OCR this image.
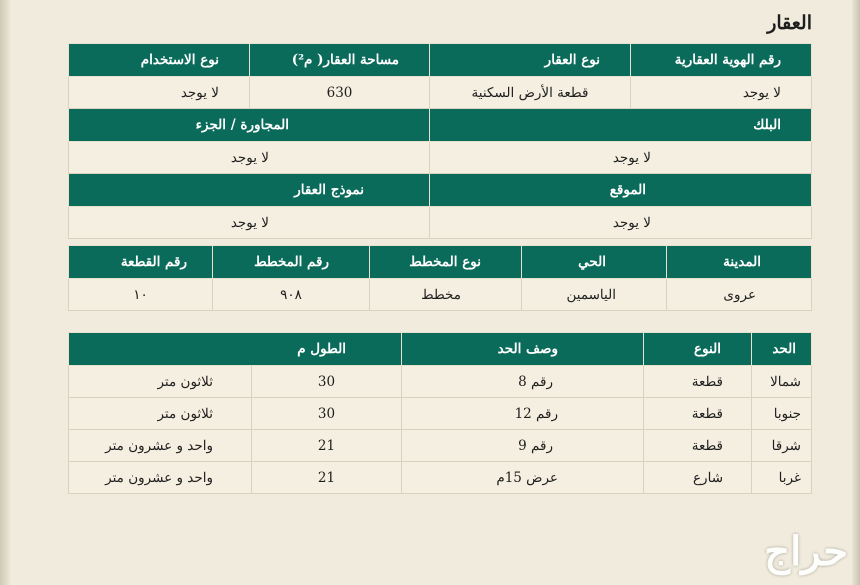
العقار
رقم الهوية العقارية	نوع العقار	مساحة العقار( م²)	نوع الاستخدام
لا يوجد	قطعة الأرض السكنية	630	لا يوجد
البلك		المجاورة / الجزء	
لا يوجد		لا يوجد	
الموقع		نموذج العقار	
لا يوجد		لا يوجد	
المدينة	الحي	نوع المخطط	رقم المخطط	رقم القطعة
عروى	الياسمين	مخطط	٩٠٨	١٠
الحد	النوع	وصف الحد	الطول م	
شمالا	قطعة	رقم 8	30	ثلاثون متر
جنوبا	قطعة	رقم 12	30	ثلاثون متر
شرقا	قطعة	رقم 9	21	واحد و عشرون متر
غربا	شارع	عرض 15م	21	واحد و عشرون متر
حراج
